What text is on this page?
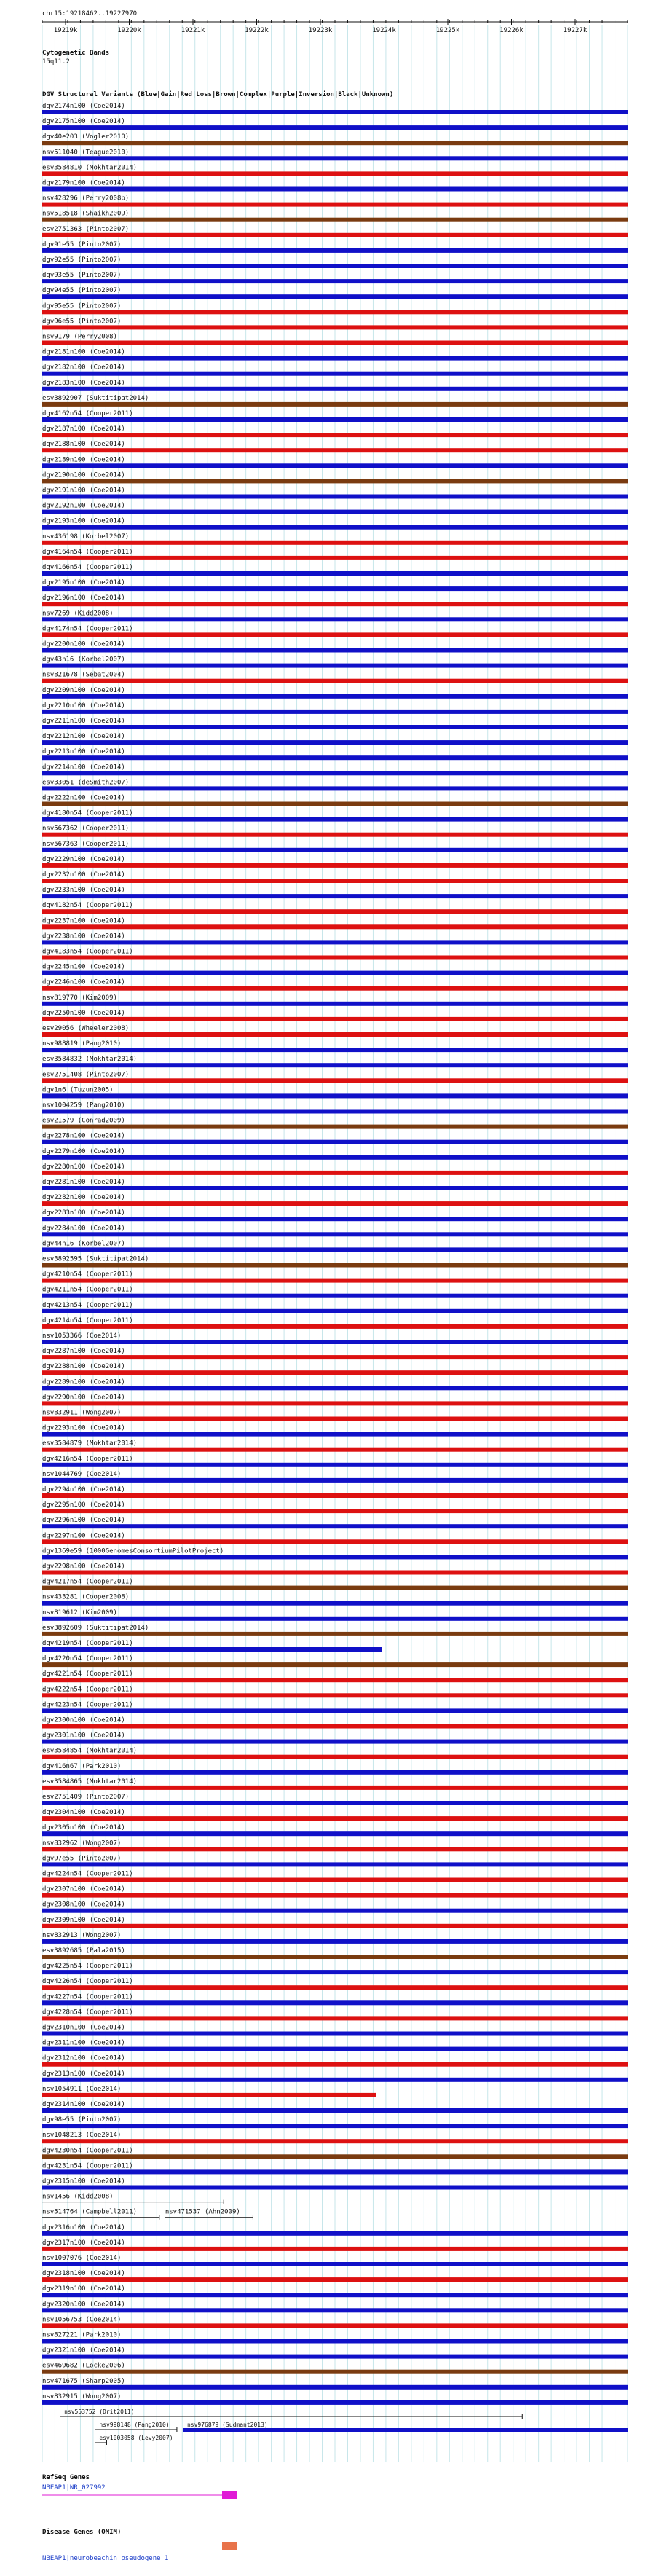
chr15:19218462..19227970
19219k	19220k	19221k	19222k	19223k	19224k	19225k	19226k	19227k
Cytogenetic Bands
15q11.2
DGV Structural Variants (Blue|Gain|Red|Loss|Brown|Complex|Purple|Inversion|Black|Unknown)
dgv2174n100 (Coe2014)
dgv2175n100 (Coe2014)
dgv40e203 (Vogler2010)
nsv511040 (Teague2010)
esv3584810 (Mokhtar2014)
dgv2179n100 (Coe2014)
nsv428296 (Perry2008b)
nsv518518 (Shaikh2009)
esv2751363 (Pinto2007)
dgv91e55 (Pinto2007)
dgv92e55 (Pinto2007)
dgv93e55 (Pinto2007)
dgv94e55 (Pinto2007)
dgv95e55 (Pinto2007)
dgv96e55 (Pinto2007)
nsv9179 (Perry2008)
dgv2181n100 (Coe2014)
dgv2182n100 (Coe2014)
dgv2183n100 (Coe2014)
esv3892907 (Suktitipat2014)
dgv4162n54 (Cooper2011)
dgv2187n100 (Coe2014)
dgv2188n100 (Coe2014)
dgv2189n100 (Coe2014)
dgv2190n100 (Coe2014)
dgv2191n100 (Coe2014)
dgv2192n100 (Coe2014)
dgv2193n100 (Coe2014)
nsv436198 (Korbel2007)
dgv4164n54 (Cooper2011)
dgv4166n54 (Cooper2011)
dgv2195n100 (Coe2014)
dgv2196n100 (Coe2014)
nsv7269 (Kidd2008)
dgv4174n54 (Cooper2011)
dgv2200n100 (Coe2014)
dgv43n16 (Korbel2007)
nsv821678 (Sebat2004)
dgv2209n100 (Coe2014)
dgv2210n100 (Coe2014)
dgv2211n100 (Coe2014)
dgv2212n100 (Coe2014)
dgv2213n100 (Coe2014)
dgv2214n100 (Coe2014)
esv33051 (deSmith2007)
dgv2222n100 (Coe2014)
dgv4180n54 (Cooper2011)
nsv567362 (Cooper2011)
nsv567363 (Cooper2011)
dgv2229n100 (Coe2014)
dgv2232n100 (Coe2014)
dgv2233n100 (Coe2014)
dgv4182n54 (Cooper2011)
dgv2237n100 (Coe2014)
dgv2238n100 (Coe2014)
dgv4183n54 (Cooper2011)
dgv2245n100 (Coe2014)
dgv2246n100 (Coe2014)
nsv819770 (Kim2009)
dgv2250n100 (Coe2014)
esv29056 (Wheeler2008)
nsv988819 (Pang2010)
esv3584832 (Mokhtar2014)
esv2751408 (Pinto2007)
dgv1n6 (Tuzun2005)
nsv1004259 (Pang2010)
esv21579 (Conrad2009)
dgv2278n100 (Coe2014)
dgv2279n100 (Coe2014)
dgv2280n100 (Coe2014)
dgv2281n100 (Coe2014)
dgv2282n100 (Coe2014)
dgv2283n100 (Coe2014)
dgv2284n100 (Coe2014)
dgv44n16 (Korbel2007)
esv3892595 (Suktitipat2014)
dgv4210n54 (Cooper2011)
dgv4211n54 (Cooper2011)
dgv4213n54 (Cooper2011)
dgv4214n54 (Cooper2011)
nsv1053366 (Coe2014)
dgv2287n100 (Coe2014)
dgv2288n100 (Coe2014)
dgv2289n100 (Coe2014)
dgv2290n100 (Coe2014)
nsv832911 (Wong2007)
dgv2293n100 (Coe2014)
esv3584879 (Mokhtar2014)
dgv4216n54 (Cooper2011)
nsv1044769 (Coe2014)
dgv2294n100 (Coe2014)
dgv2295n100 (Coe2014)
dgv2296n100 (Coe2014)
dgv2297n100 (Coe2014)
dgv1369e59 (1000GenomesConsortiumPilotProject)
dgv2298n100 (Coe2014)
dgv4217n54 (Cooper2011)
nsv433281 (Cooper2008)
nsv819612 (Kim2009)
esv3892609 (Suktitipat2014)
dgv4219n54 (Cooper2011)
dgv4220n54 (Cooper2011)
dgv4221n54 (Cooper2011)
dgv4222n54 (Cooper2011)
dgv4223n54 (Cooper2011)
dgv2300n100 (Coe2014)
dgv2301n100 (Coe2014)
esv3584854 (Mokhtar2014)
dgv416n67 (Park2010)
esv3584865 (Mokhtar2014)
esv2751409 (Pinto2007)
dgv2304n100 (Coe2014)
dgv2305n100 (Coe2014)
nsv832962 (Wong2007)
dgv97e55 (Pinto2007)
dgv4224n54 (Cooper2011)
dgv2307n100 (Coe2014)
dgv2308n100 (Coe2014)
dgv2309n100 (Coe2014)
nsv832913 (Wong2007)
esv3892685 (Pala2015)
dgv4225n54 (Cooper2011)
dgv4226n54 (Cooper2011)
dgv4227n54 (Cooper2011)
dgv4228n54 (Cooper2011)
dgv2310n100 (Coe2014)
dgv2311n100 (Coe2014)
dgv2312n100 (Coe2014)
dgv2313n100 (Coe2014)
nsv1054911 (Coe2014)
dgv2314n100 (Coe2014)
dgv98e55 (Pinto2007)
nsv1048213 (Coe2014)
dgv4230n54 (Cooper2011)
dgv4231n54 (Cooper2011)
dgv2315n100 (Coe2014)
nsv1456 (Kidd2008)
nsv514764 (Campbell2011)	nsv471537 (Ahn2009)
dgv2316n100 (Coe2014)
dgv2317n100 (Coe2014)
nsv1007076 (Coe2014)
dgv2318n100 (Coe2014)
dgv2319n100 (Coe2014)
dgv2320n100 (Coe2014)
nsv1056753 (Coe2014)
nsv827221 (Park2010)
dgv2321n100 (Coe2014)
esv469682 (Locke2006)
nsv471675 (Sharp2005)
nsv832915 (Wong2007)
nsv553752 (Drit2011)
nsv998148 (Pang2010)	nsv976879 (Sudmant2013)
esv1003058 (Levy2007)
RefSeq Genes
NBEAP1|NR_027992
Disease Genes (OMIM)
NBEAP1|neurobeachin pseudogene 1
